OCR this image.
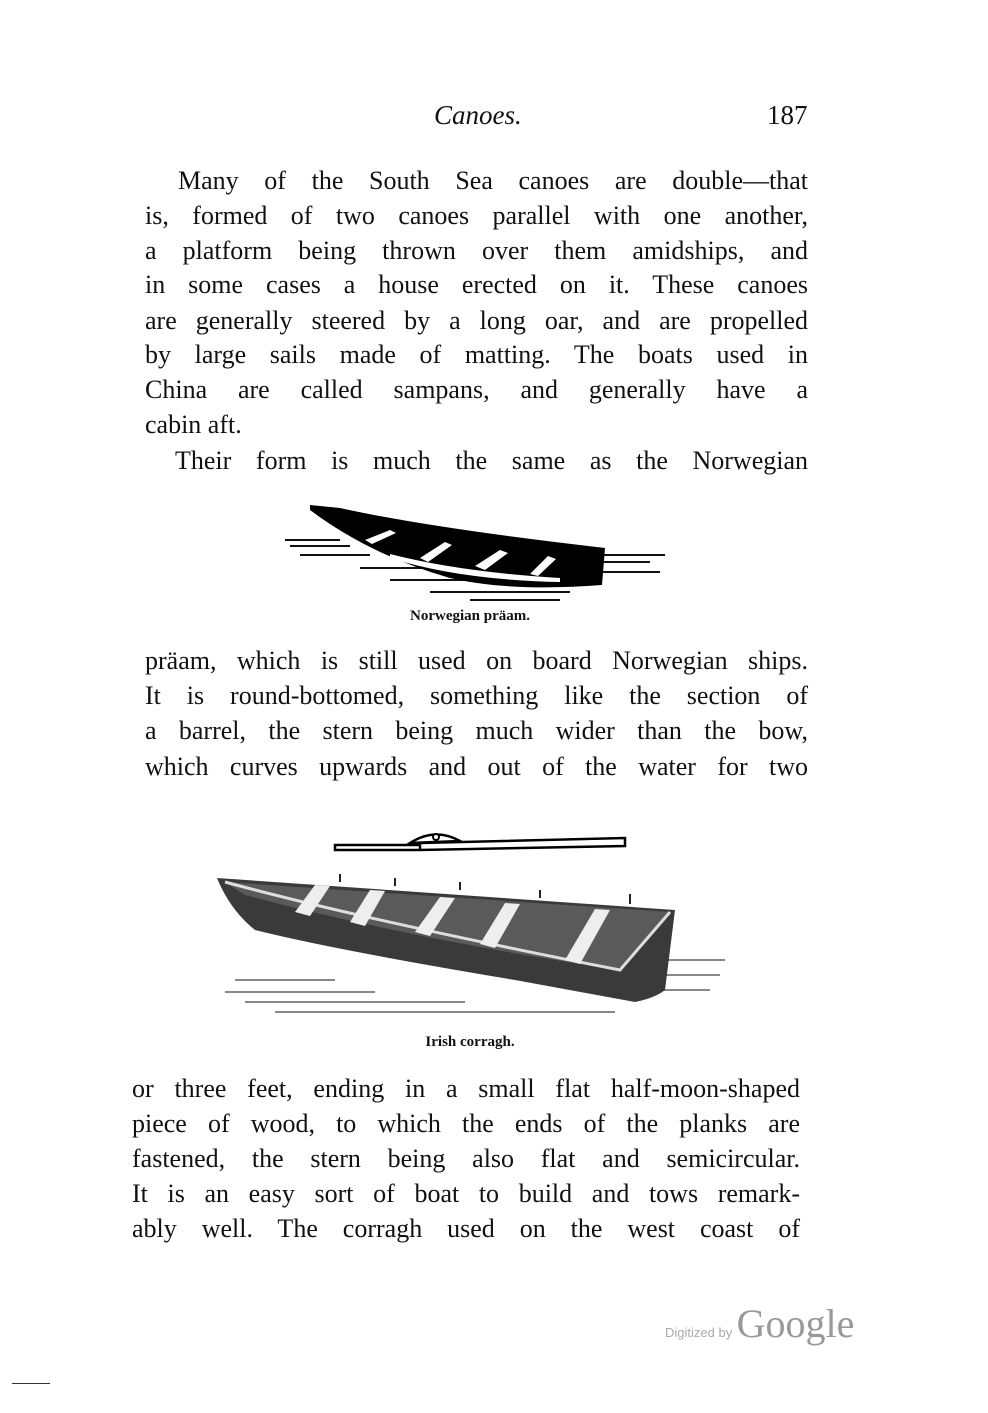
Canoes.	187
Many of the South Sea canoes are double—that
is, formed of two canoes parallel with one another,
a platform being thrown over them amidships, and
in some cases a house erected on it. These canoes
are generally steered by a long oar, and are propelled
by large sails made of matting. The boats used in
China are called sampans, and generally have a
cabin aft.
Their form is much the same as the Norwegian
Norwegian präam.
präam, which is still used on board Norwegian ships.
It is round-bottomed, something like the section of
a barrel, the stern being much wider than the bow,
which curves upwards and out of the water for two
Irish corragh.
or three feet, ending in a small flat half-moon-shaped
piece of wood, to which the ends of the planks are
fastened, the stern being also flat and semicircular.
It is an easy sort of boat to build and tows remark-
ably well. The corragh used on the west coast of
Digitized by Google
